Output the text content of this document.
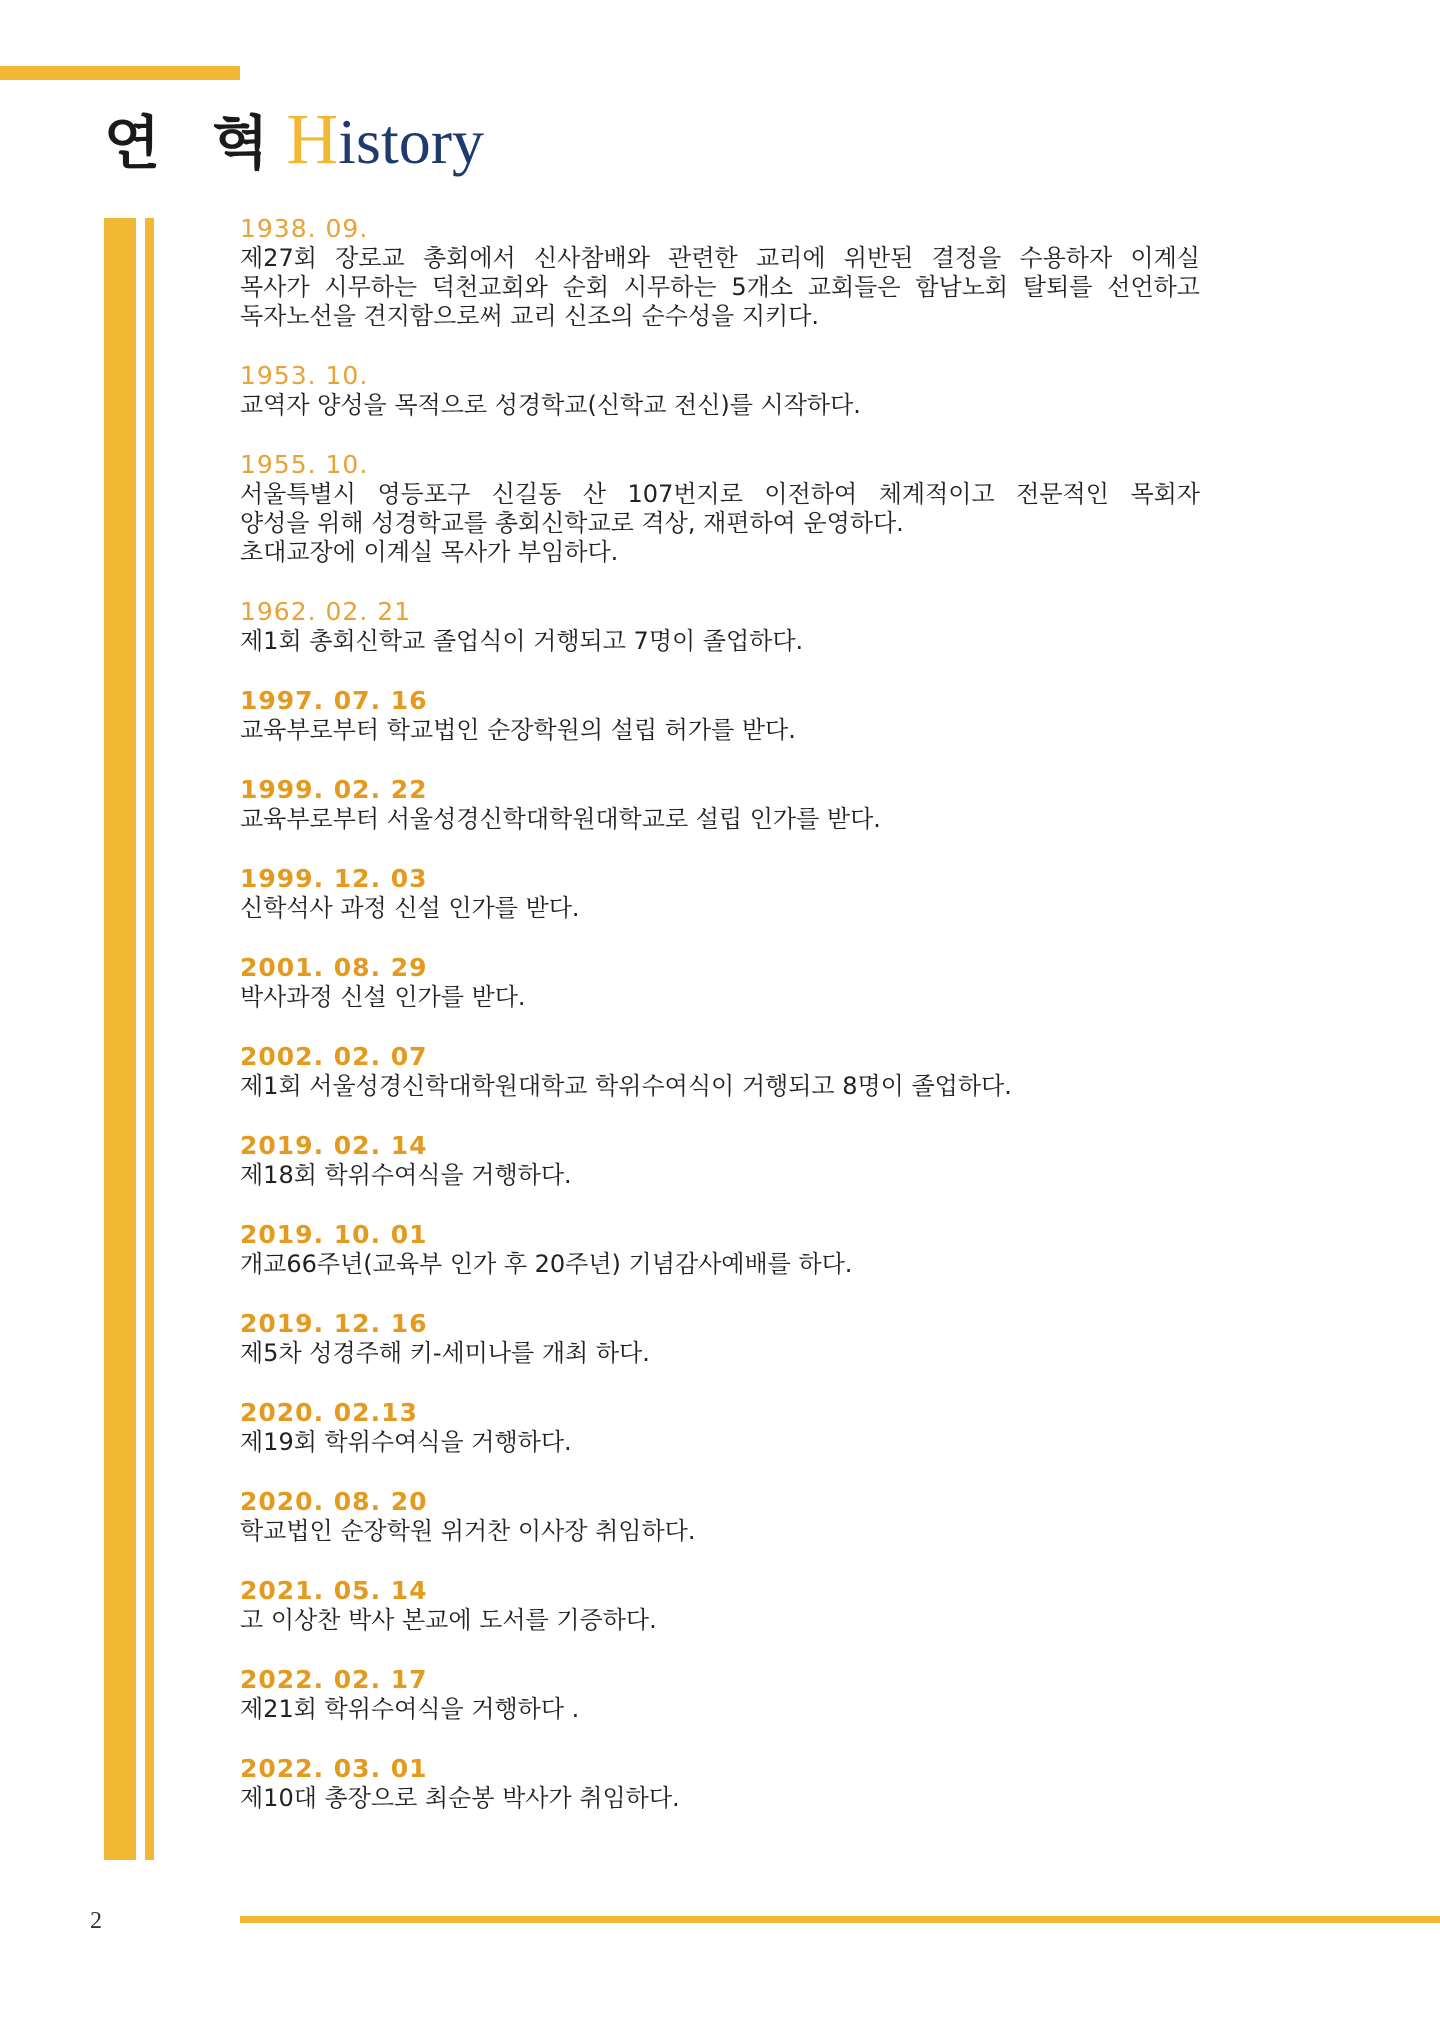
연 혁History
1938. 09.
제27회 장로교 총회에서 신사참배와 관련한 교리에 위반된 결정을 수용하자 이계실
목사가 시무하는 덕천교회와 순회 시무하는 5개소 교회들은 함남노회 탈퇴를 선언하고
독자노선을 견지함으로써 교리 신조의 순수성을 지키다.
1953. 10.
교역자 양성을 목적으로 성경학교(신학교 전신)를 시작하다.
1955. 10.
서울특별시 영등포구 신길동 산 107번지로 이전하여 체계적이고 전문적인 목회자
양성을 위해 성경학교를 총회신학교로 격상, 재편하여 운영하다.
초대교장에 이계실 목사가 부임하다.
1962. 02. 21
제1회 총회신학교 졸업식이 거행되고 7명이 졸업하다.
1997. 07. 16
교육부로부터 학교법인 순장학원의 설립 허가를 받다.
1999. 02. 22
교육부로부터 서울성경신학대학원대학교로 설립 인가를 받다.
1999. 12. 03
신학석사 과정 신설 인가를 받다.
2001. 08. 29
박사과정 신설 인가를 받다.
2002. 02. 07
제1회 서울성경신학대학원대학교 학위수여식이 거행되고 8명이 졸업하다.
2019. 02. 14
제18회 학위수여식을 거행하다.
2019. 10. 01
개교66주년(교육부 인가 후 20주년) 기념감사예배를 하다.
2019. 12. 16
제5차 성경주해 키-세미나를 개최 하다.
2020. 02.13
제19회 학위수여식을 거행하다.
2020. 08. 20
학교법인 순장학원 위거찬 이사장 취임하다.
2021. 05. 14
고 이상찬 박사 본교에 도서를 기증하다.
2022. 02. 17
제21회 학위수여식을 거행하다 .
2022. 03. 01
제10대 총장으로 최순봉 박사가 취임하다.
2
